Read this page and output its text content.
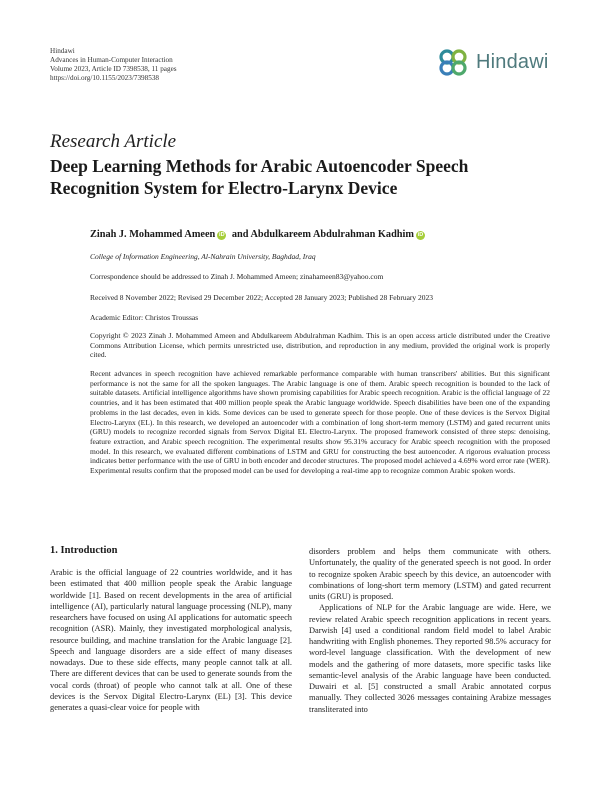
Hindawi
Advances in Human-Computer Interaction
Volume 2023, Article ID 7398538, 11 pages
https://doi.org/10.1155/2023/7398538
Hindawi
Research Article
Deep Learning Methods for Arabic Autoencoder Speech Recognition System for Electro-Larynx Device
Zinah J. Mohammed Ameen iD and Abdulkareem Abdulrahman Kadhim iD
College of Information Engineering, Al-Nahrain University, Baghdad, Iraq
Correspondence should be addressed to Zinah J. Mohammed Ameen; zinahameen83@yahoo.com
Received 8 November 2022; Revised 29 December 2022; Accepted 28 January 2023; Published 28 February 2023
Academic Editor: Christos Troussas
Copyright © 2023 Zinah J. Mohammed Ameen and Abdulkareem Abdulrahman Kadhim. This is an open access article distributed under the Creative Commons Attribution License, which permits unrestricted use, distribution, and reproduction in any medium, provided the original work is properly cited.
Recent advances in speech recognition have achieved remarkable performance comparable with human transcribers' abilities. But this significant performance is not the same for all the spoken languages. The Arabic language is one of them. Arabic speech recognition is bounded to the lack of suitable datasets. Artificial intelligence algorithms have shown promising capabilities for Arabic speech recognition. Arabic is the official language of 22 countries, and it has been estimated that 400 million people speak the Arabic language worldwide. Speech disabilities have been one of the expanding problems in the last decades, even in kids. Some devices can be used to generate speech for those people. One of these devices is the Servox Digital Electro-Larynx (EL). In this research, we developed an autoencoder with a combination of long short-term memory (LSTM) and gated recurrent units (GRU) models to recognize recorded signals from Servox Digital EL Electro-Larynx. The proposed framework consisted of three steps: denoising, feature extraction, and Arabic speech recognition. The experimental results show 95.31% accuracy for Arabic speech recognition with the proposed model. In this research, we evaluated different combinations of LSTM and GRU for constructing the best autoencoder. A rigorous evaluation process indicates better performance with the use of GRU in both encoder and decoder structures. The proposed model achieved a 4.69% word error rate (WER). Experimental results confirm that the proposed model can be used for developing a real-time app to recognize common Arabic spoken words.
1. Introduction

Arabic is the official language of 22 countries worldwide, and it has been estimated that 400 million people speak the Arabic language worldwide [1]. Based on recent developments in the area of artificial intelligence (AI), particularly natural language processing (NLP), many researchers have focused on using AI applications for automatic speech recognition (ASR). Mainly, they investigated morphological analysis, resource building, and machine translation for the Arabic language [2]. Speech and language disorders are a side effect of many diseases nowadays. Due to these side effects, many people cannot talk at all. There are different devices that can be used to generate sounds from the vocal cords (throat) of people who cannot talk at all. One of these devices is the Servox Digital Electro-Larynx (EL) [3]. This device generates a quasi-clear voice for people with

disorders problem and helps them communicate with others. Unfortunately, the quality of the generated speech is not good. In order to recognize spoken Arabic speech by this device, an autoencoder with combinations of long-short term memory (LSTM) and gated recurrent units (GRU) is proposed.

Applications of NLP for the Arabic language are wide. Here, we review related Arabic speech recognition applications in recent years. Darwish [4] used a conditional random field model to label Arabic handwriting with English phonemes. They reported 98.5% accuracy for word-level language classification. With the development of new models and the gathering of more datasets, more specific tasks like semantic-level analysis of the Arabic language have been conducted. Duwairi et al. [5] constructed a small Arabic annotated corpus manually. They collected 3026 messages containing Arabize messages transliterated into
